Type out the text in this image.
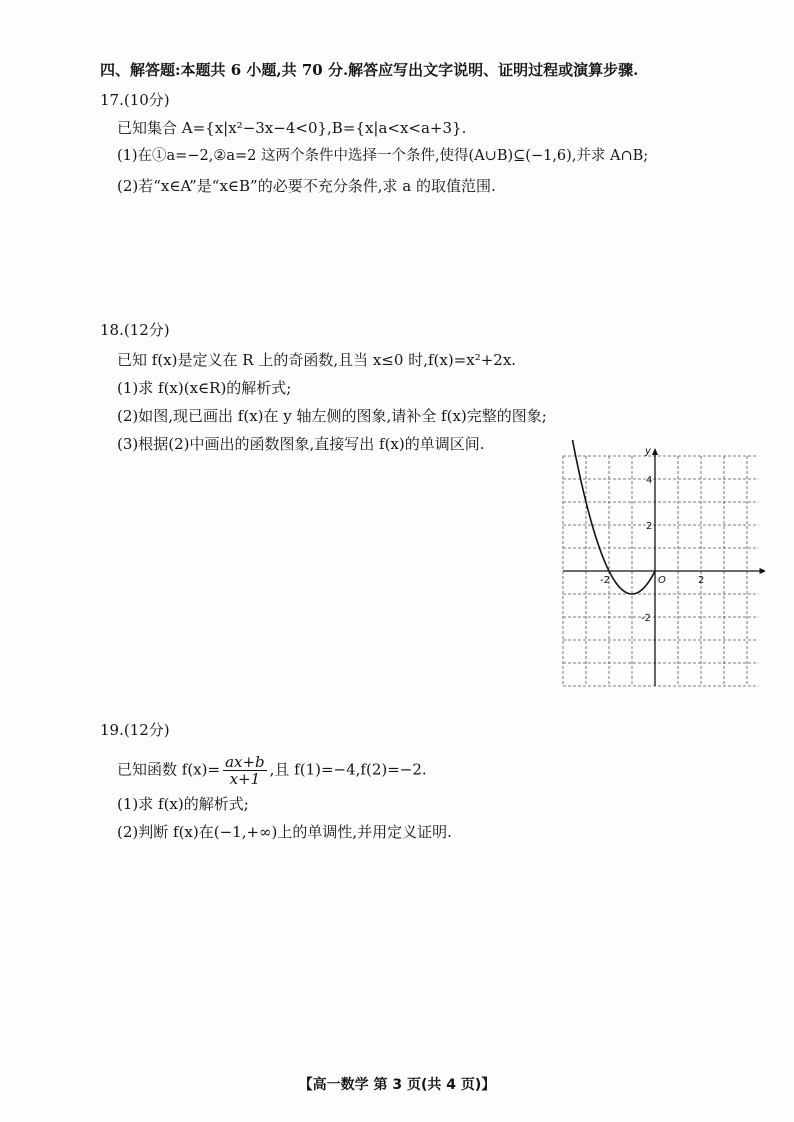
四、解答题:本题共 6 小题,共 70 分.解答应写出文字说明、证明过程或演算步骤.
17.(10分)
已知集合 A={x|x²−3x−4<0},B={x|a<x<a+3}.
(1)在①a=−2,②a=2 这两个条件中选择一个条件,使得(A∪B)⊆(−1,6),并求 A∩B;
(2)若“x∈A”是“x∈B”的必要不充分条件,求 a 的取值范围.
18.(12分)
已知 f(x)是定义在 R 上的奇函数,且当 x≤0 时,f(x)=x²+2x.
(1)求 f(x)(x∈R)的解析式;
(2)如图,现已画出 f(x)在 y 轴左侧的图象,请补全 f(x)完整的图象;
(3)根据(2)中画出的函数图象,直接写出 f(x)的单调区间.	y
O
-2	2
4
2
-2
19.(12分)
已知函数 $f(x)= \frac{ax+b}{x+1}$ ,且 f(1)=−4,f(2)=−2.
(1)求 f(x)的解析式;
(2)判断 f(x)在(−1,+∞)上的单调性,并用定义证明.
【高一数学 第 3 页(共 4 页)】
